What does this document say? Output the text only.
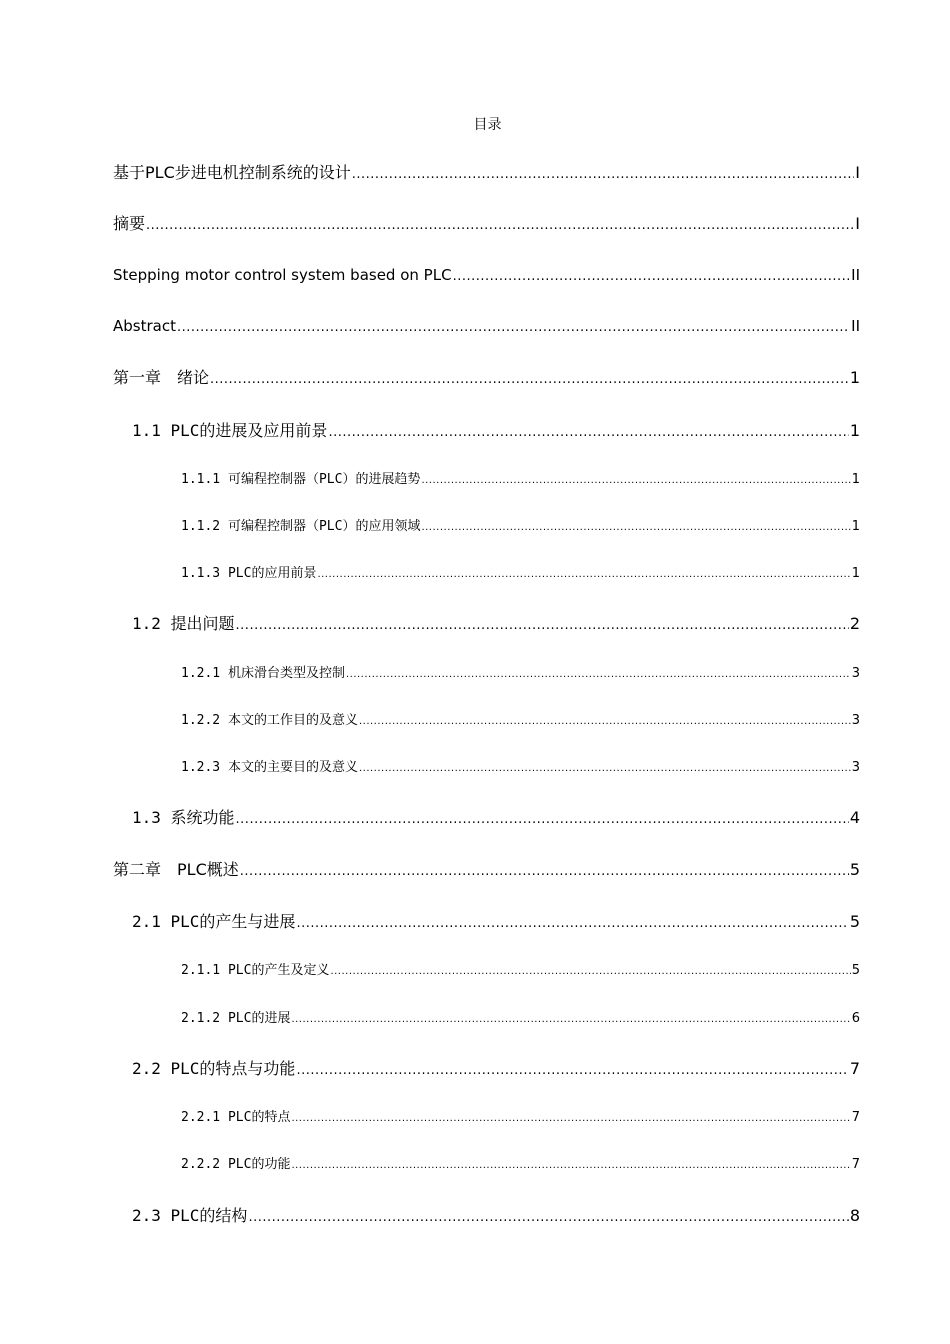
目录
基于PLC步进电机控制系统的设计 .....	I
摘要 .....	I
Stepping motor control system based on PLC .....	II
Abstract .....	II
第一章　绪论 .....	1
1.1 PLC的进展及应用前景 .....	1
1.1.1 可编程控制器（PLC）的进展趋势 .....	1
1.1.2 可编程控制器（PLC）的应用领域 .....	1
1.1.3 PLC的应用前景 .....	1
1.2 提出问题 .....	2
1.2.1 机床滑台类型及控制 .....	3
1.2.2 本文的工作目的及意义 .....	3
1.2.3 本文的主要目的及意义 .....	3
1.3 系统功能 .....	4
第二章　PLC概述 .....	5
2.1 PLC的产生与进展 .....	5
2.1.1 PLC的产生及定义 .....	5
2.1.2 PLC的进展 .....	6
2.2 PLC的特点与功能 .....	7
2.2.1 PLC的特点 .....	7
2.2.2 PLC的功能 .....	7
2.3 PLC的结构 .....	8
